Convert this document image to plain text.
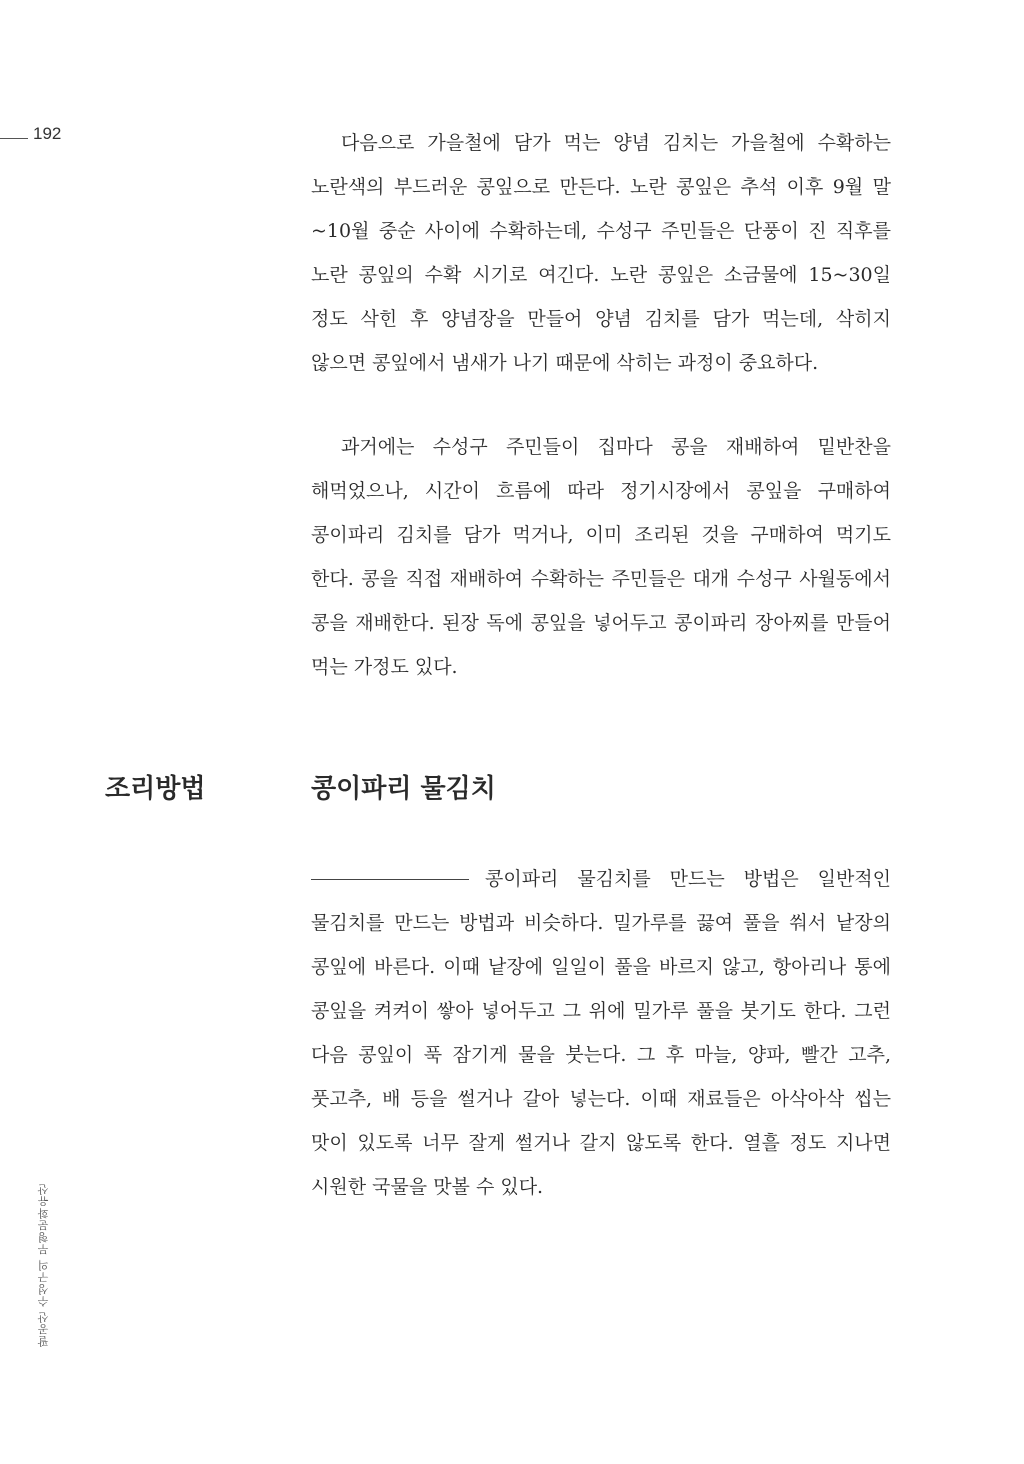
192	다음으로 가을철에 담가 먹는 양념 김치는 가을철에 수확하는 노란색의 부드러운 콩잎으로 만든다. 노란 콩잎은 추석 이후 9월 말 ~10월 중순 사이에 수확하는데, 수성구 주민들은 단풍이 진 직후를 노란 콩잎의 수확 시기로 여긴다. 노란 콩잎은 소금물에 15~30일 정도 삭힌 후 양념장을 만들어 양념 김치를 담가 먹는데, 삭히지 않으면 콩잎에서 냄새가 나기 때문에 삭히는 과정이 중요하다.

과거에는 수성구 주민들이 집마다 콩을 재배하여 밑반찬을 해먹었으나, 시간이 흐름에 따라 정기시장에서 콩잎을 구매하여 콩이파리 김치를 담가 먹거나, 이미 조리된 것을 구매하여 먹기도 한다. 콩을 직접 재배하여 수확하는 주민들은 대개 수성구 사월동에서 콩을 재배한다. 된장 독에 콩잎을 넣어두고 콩이파리 장아찌를 만들어 먹는 가정도 있다.

조리방법	콩이파리 물김치

콩이파리 물김치를 만드는 방법은 일반적인 물김치를 만드는 방법과 비슷하다. 밀가루를 끓여 풀을 쒀서 낱장의 콩잎에 바른다. 이때 낱장에 일일이 풀을 바르지 않고, 항아리나 통에 콩잎을 켜켜이 쌓아 넣어두고 그 위에 밀가루 풀을 붓기도 한다. 그런 다음 콩잎이 푹 잠기게 물을 붓는다. 그 후 마늘, 양파, 빨간 고추, 풋고추, 배 등을 썰거나 갈아 넣는다. 이때 재료들은 아삭아삭 씹는 맛이 있도록 너무 잘게 썰거나 갈지 않도록 한다. 열흘 정도 지나면 시원한 국물을 맛볼 수 있다.

팔공산 수성구의 무형문화유산
